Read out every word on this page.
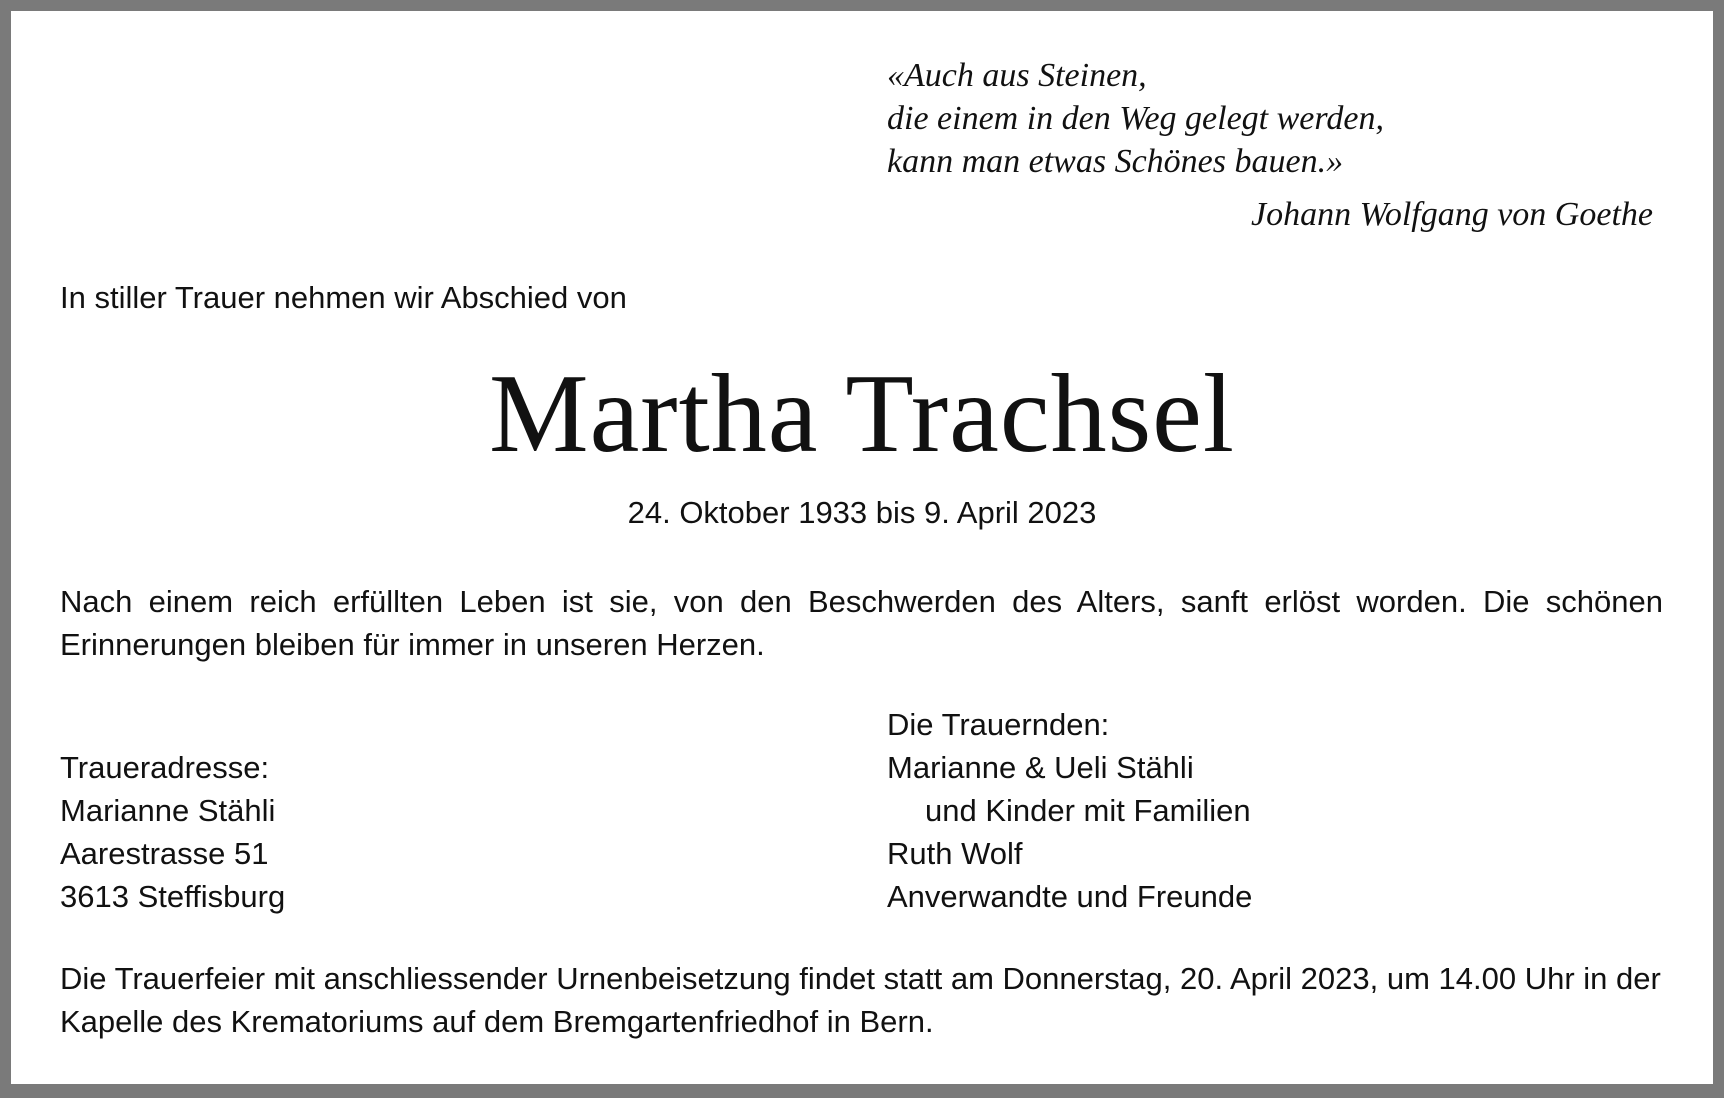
«Auch aus Steinen,
die einem in den Weg gelegt werden,
kann man etwas Schönes bauen.»
Johann Wolfgang von Goethe
In stiller Trauer nehmen wir Abschied von
Martha Trachsel
24. Oktober 1933 bis 9. April 2023
Nach einem reich erfüllten Leben ist sie, von den Beschwerden des Alters, sanft erlöst worden. Die schönen Erinnerungen bleiben für immer in unseren Herzen.
Traueradresse:
Marianne Stähli
Aarestrasse 51
3613 Steffisburg
Die Trauernden:
Marianne & Ueli Stähli
und Kinder mit Familien
Ruth Wolf
Anverwandte und Freunde
Die Trauerfeier mit anschliessender Urnenbeisetzung findet statt am Donnerstag, 20. April 2023, um 14.00 Uhr in der Kapelle des Krematoriums auf dem Bremgartenfriedhof in Bern.
